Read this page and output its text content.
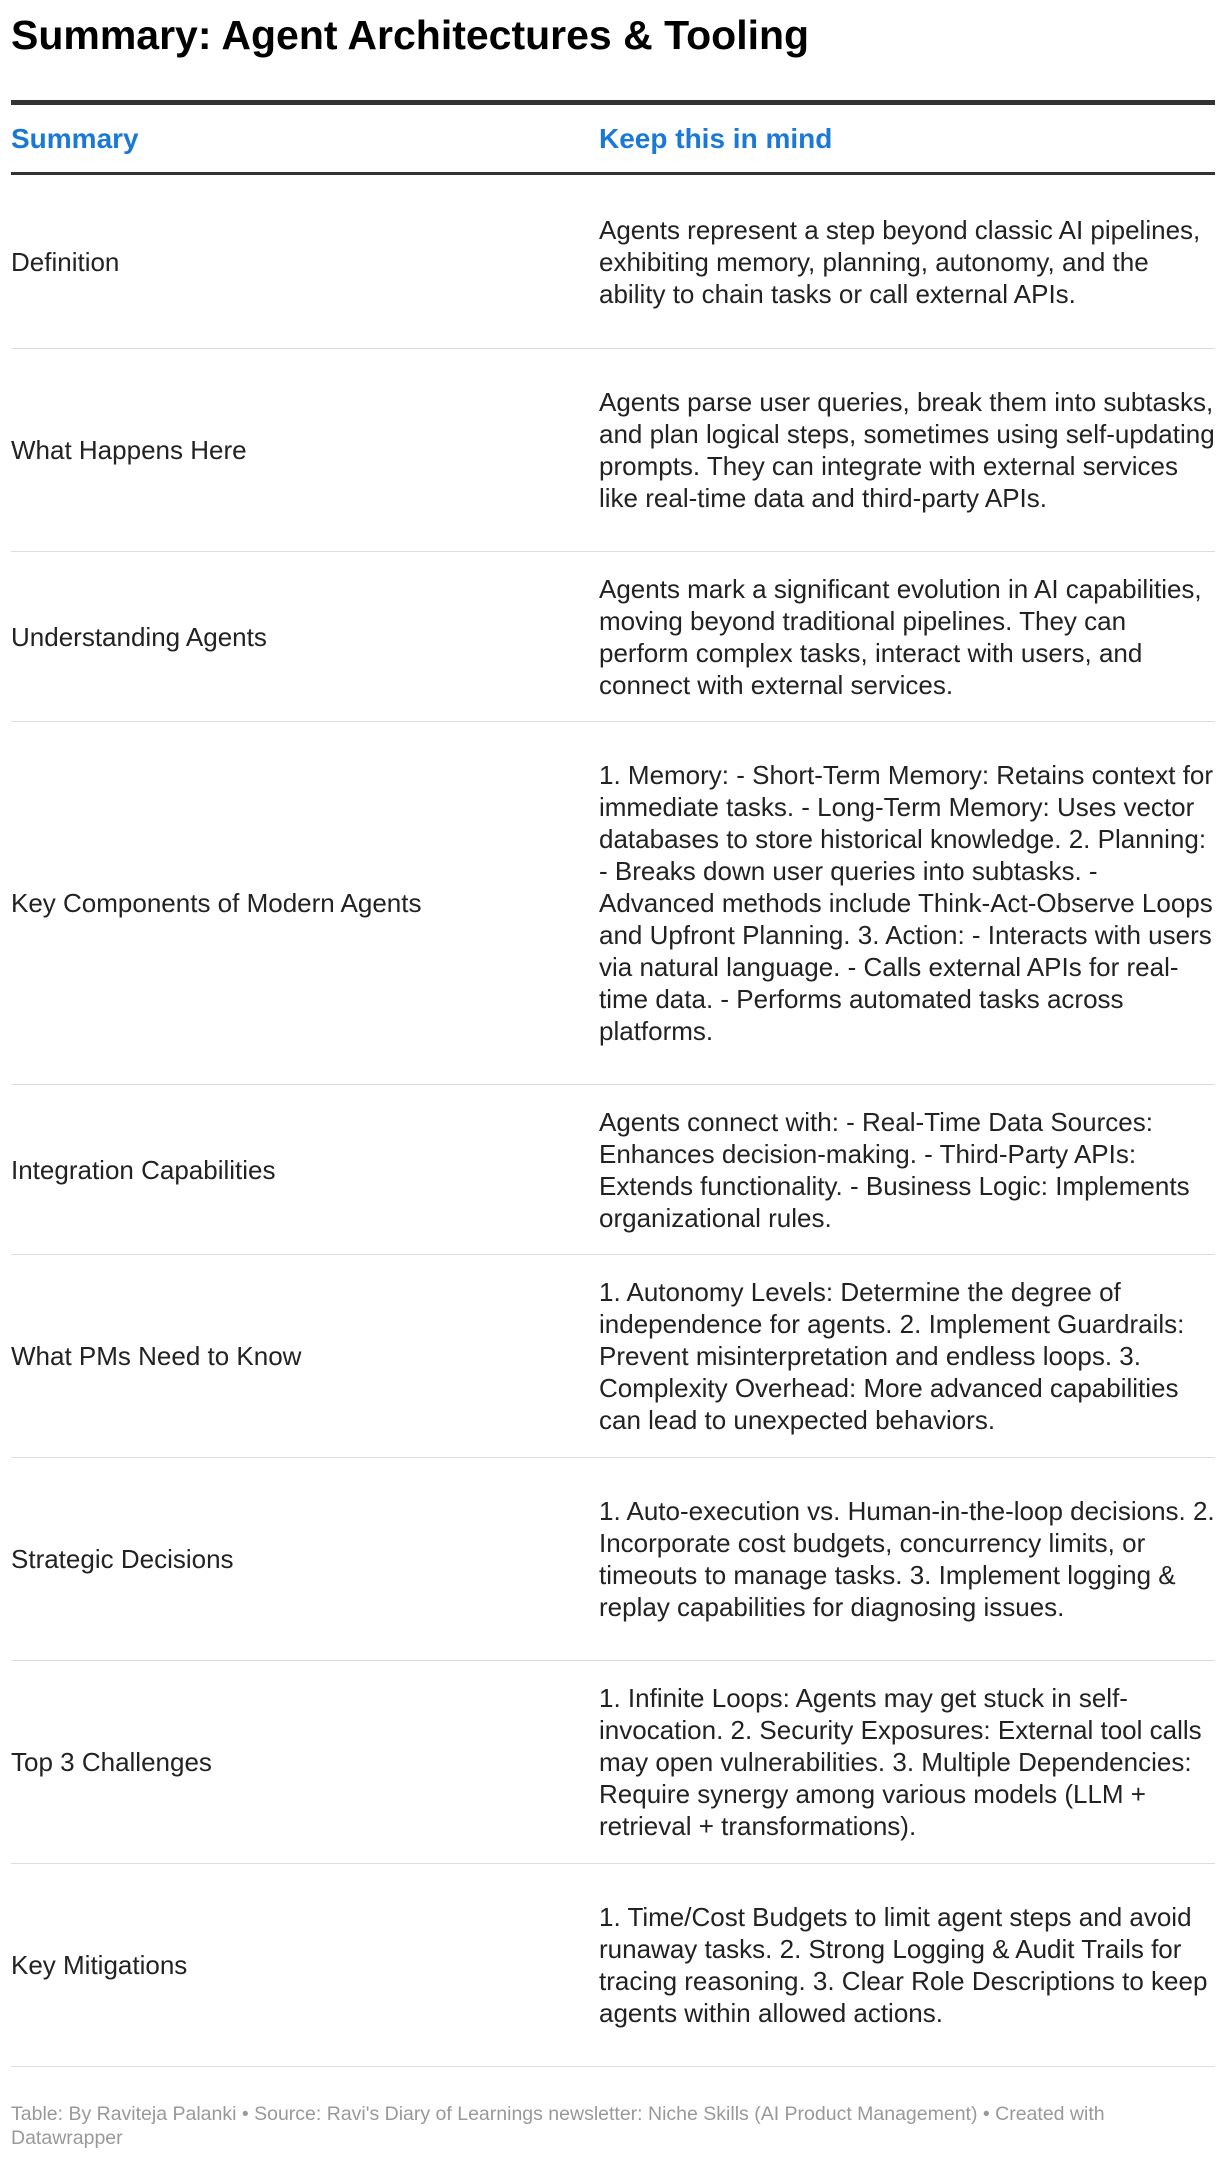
Summary: Agent Architectures & Tooling
Summary	Keep this in mind
Definition
Agents represent a step beyond classic AI pipelines, exhibiting memory, planning, autonomy, and the ability to chain tasks or call external APIs.
What Happens Here
Agents parse user queries, break them into subtasks, and plan logical steps, sometimes using self-updating prompts. They can integrate with external services like real-time data and third-party APIs.
Understanding Agents
Agents mark a significant evolution in AI capabilities, moving beyond traditional pipelines. They can perform complex tasks, interact with users, and connect with external services.
Key Components of Modern Agents
1. Memory: - Short-Term Memory: Retains context for immediate tasks. - Long-Term Memory: Uses vector databases to store historical knowledge. 2. Planning: - Breaks down user queries into subtasks. - Advanced methods include Think-Act-Observe Loops and Upfront Planning. 3. Action: - Interacts with users via natural language. - Calls external APIs for real-time data. - Performs automated tasks across platforms.
Integration Capabilities
Agents connect with: - Real-Time Data Sources: Enhances decision-making. - Third-Party APIs: Extends functionality. - Business Logic: Implements organizational rules.
What PMs Need to Know
1. Autonomy Levels: Determine the degree of independence for agents. 2. Implement Guardrails: Prevent misinterpretation and endless loops. 3. Complexity Overhead: More advanced capabilities can lead to unexpected behaviors.
Strategic Decisions
1. Auto-execution vs. Human-in-the-loop decisions. 2. Incorporate cost budgets, concurrency limits, or timeouts to manage tasks. 3. Implement logging & replay capabilities for diagnosing issues.
Top 3 Challenges
1. Infinite Loops: Agents may get stuck in self-invocation. 2. Security Exposures: External tool calls may open vulnerabilities. 3. Multiple Dependencies: Require synergy among various models (LLM + retrieval + transformations).
Key Mitigations
1. Time/Cost Budgets to limit agent steps and avoid runaway tasks. 2. Strong Logging & Audit Trails for tracing reasoning. 3. Clear Role Descriptions to keep agents within allowed actions.
Table: By Raviteja Palanki • Source: Ravi's Diary of Learnings newsletter: Niche Skills (AI Product Management) • Created with Datawrapper
